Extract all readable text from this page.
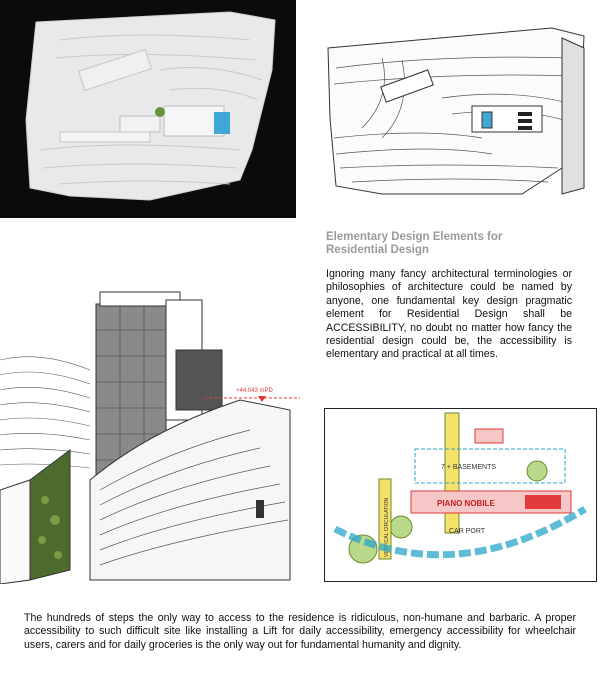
Elementary Design Elements for
Residential Design

Ignoring many fancy architectural terminologies or philosophies of architecture could be named by anyone, one fundamental key design pragmatic element for Residential Design shall be ACCESSIBILITY, no doubt no matter how fancy the residential design could be, the accessibility is elementary and practical at all times.

+44.043 mPD
7 + BASEMENTS
PIANO NOBILE
VERTICAL CIRCULATION	CAR PORT

The hundreds of steps the only way to access to the residence is ridiculous, non-humane and barbaric. A proper accessibility to such difficult site like installing a Lift for daily accessibility, emergency accessibility for wheelchair users, carers and for daily groceries is the only way out for fundamental humanity and dignity.
